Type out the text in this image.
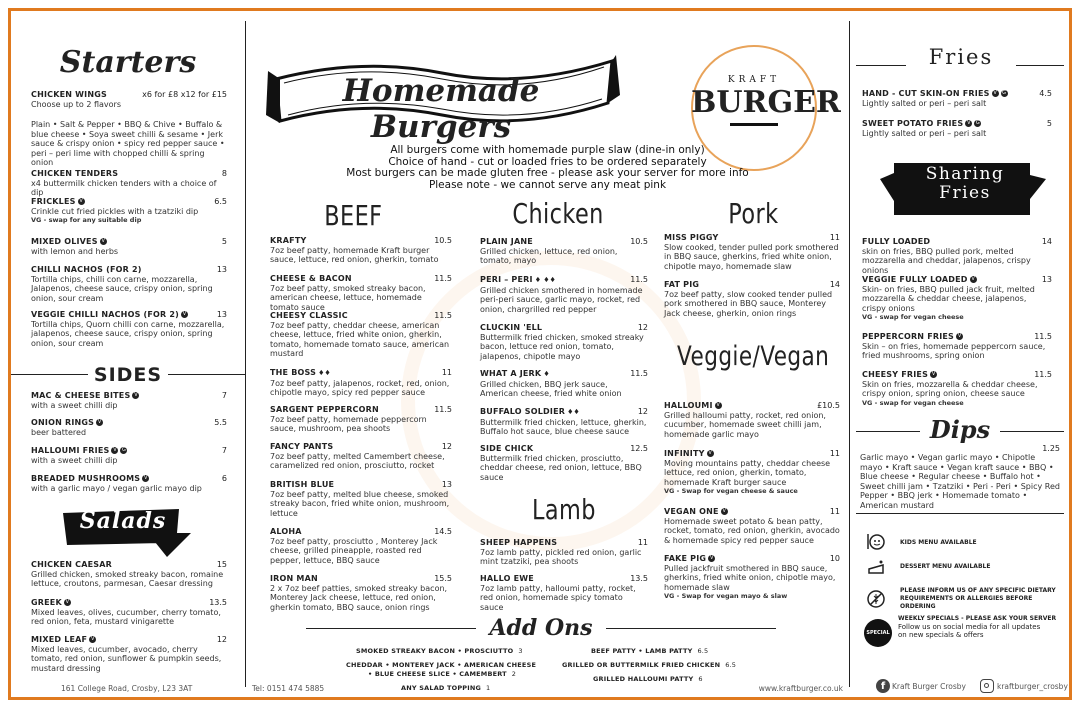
Starters
CHICKEN WINGS	x6 for £8 x12 for £15
Choose up to 2 flavors
Plain • Salt & Pepper • BBQ & Chive • Buffalo & blue cheese • Soya sweet chilli & sesame • Jerk sauce & crispy onion • spicy red pepper sauce • peri – peri lime with chopped chilli & spring onion
CHICKEN TENDERS	8
x4 buttermilk chicken tenders with a choice of dip
FRICKLES V	6.5
Crinkle cut fried pickles with a tzatziki dip
VG - swap for any suitable dip
MIXED OLIVES V	5
with lemon and herbs
CHILLI NACHOS (FOR 2)	13
Tortilla chips, chilli con carne, mozzarella, Jalapenos, cheese sauce, crispy onion, spring onion, sour cream
VEGGIE CHILLI NACHOS (FOR 2) V	13
Tortilla chips, Quorn chilli con carne, mozzarella, jalapenos, cheese sauce, crispy onion, spring onion, sour cream
SIDES
MAC & CHEESE BITES V	7
with a sweet chilli dip
ONION RINGS V	5.5
beer battered
HALLOUMI FRIES V G	7
with a sweet chilli dip
BREADED MUSHROOMS V	6
with a garlic mayo / vegan garlic mayo dip
Salads
CHICKEN CAESAR	15
Grilled chicken, smoked streaky bacon, romaine lettuce, croutons, parmesan, Caesar dressing
GREEK V	13.5
Mixed leaves, olives, cucumber, cherry tomato, red onion, feta, mustard vinigarette
MIXED LEAF V	12
Mixed leaves, cucumber, avocado, cherry tomato, red onion, sunflower & pumpkin seeds, mustard dressing
161 College Road, Crosby, L23 3AT
Homemade Burgers
KRAFT
BURGER
All burgers come with homemade purple slaw (dine-in only)
Choice of hand - cut or loaded fries to be ordered separately
Most burgers can be made gluten free - please ask your server for more info
Please note - we cannot serve any meat pink
BEEF
KRAFTY	10.5
7oz beef patty, homemade Kraft burger sauce, lettuce, red onion, gherkin, tomato
CHEESE & BACON	11.5
7oz beef patty, smoked streaky bacon, american cheese, lettuce, homemade tomato sauce
CHEESY CLASSIC	11.5
7oz beef patty, cheddar cheese, american cheese, lettuce, fried white onion, gherkin, tomato, homemade tomato sauce, american mustard
THE BOSS ♦♦	11
7oz beef patty, jalapenos, rocket, red, onion, chipotle mayo, spicy red pepper sauce
SARGENT PEPPERCORN	11.5
7oz beef patty, homemade peppercorn sauce, mushroom, pea shoots
FANCY PANTS	12
7oz beef patty, melted Camembert cheese, caramelized red onion, prosciutto, rocket
BRITISH BLUE	13
7oz beef patty, melted blue cheese, smoked streaky bacon, fried white onion, mushroom, lettuce
ALOHA	14.5
7oz beef patty, prosciutto , Monterey Jack cheese, grilled pineapple, roasted red pepper, lettuce, BBQ sauce
IRON MAN	15.5
2 x 7oz beef patties, smoked streaky bacon, Monterey Jack cheese, lettuce, red onion, gherkin tomato, BBQ sauce, onion rings
Chicken
PLAIN JANE	10.5
Grilled chicken, lettuce, red onion, tomato, mayo
PERI – PERI ♦ ♦♦	11.5
Grilled chicken smothered in homemade peri-peri sauce, garlic mayo, rocket, red onion, chargrilled red pepper
CLUCKIN 'ELL	12
Buttermilk fried chicken, smoked streaky bacon, lettuce red onion, tomato, jalapenos, chipotle mayo
WHAT A JERK ♦	11.5
Grilled chicken, BBQ jerk sauce, American cheese, fried white onion
BUFFALO SOLDIER ♦♦	12
Buttermilk fried chicken, lettuce, gherkin, Buffalo hot sauce, blue cheese sauce
SIDE CHICK	12.5
Buttermilk fried chicken, prosciutto, cheddar cheese, red onion, lettuce, BBQ sauce
Lamb
SHEEP HAPPENS	11
7oz lamb patty, pickled red onion, garlic mint tzatziki, pea shoots
HALLO EWE	13.5
7oz lamb patty, halloumi patty, rocket, red onion, homemade spicy tomato sauce
Pork
MISS PIGGY	11
Slow cooked, tender pulled pork smothered in BBQ sauce, gherkins, fried white onion, chipotle mayo, homemade slaw
FAT PIG	14
7oz beef patty, slow cooked tender pulled pork smothered in BBQ sauce, Monterey Jack cheese, gherkin, onion rings
Veggie/Vegan
HALLOUMI V	£10.5
Grilled halloumi patty, rocket, red onion, cucumber, homemade sweet chilli jam, homemade garlic mayo
INFINITY V	11
Moving mountains patty, cheddar cheese lettuce, red onion, gherkin, tomato, homemade Kraft burger sauce
VG - Swap for vegan cheese & sauce
VEGAN ONE V	11
Homemade sweet potato & bean patty, rocket, tomato, red onion, gherkin, avocado & homemade spicy red pepper sauce
FAKE PIG V	10
Pulled jackfruit smothered in BBQ sauce, gherkins, fried white onion, chipotle mayo, homemade slaw
VG - Swap for vegan mayo & slaw
Add Ons
SMOKED STREAKY BACON • PROSCIUTTO 3
CHEDDAR • MONTEREY JACK • AMERICAN CHEESE
• BLUE CHEESE SLICE • CAMEMBERT 2
ANY SALAD TOPPING 1
BEEF PATTY • LAMB PATTY 6.5
GRILLED OR BUTTERMILK FRIED CHICKEN 6.5
GRILLED HALLOUMI PATTY 6
Tel: 0151 474 5885	www.kraftburger.co.uk
Fries
HAND - CUT SKIN-ON FRIES V G	4.5
Lightly salted or peri – peri salt
SWEET POTATO FRIES V G	5
Lightly salted or peri – peri salt
Sharing
Fries
FULLY LOADED	14
skin on fries, BBQ pulled pork, melted mozzarella and cheddar, jalapenos, crispy onions
VEGGIE FULLY LOADED V	13
Skin- on fries, BBQ pulled jack fruit, melted mozzarella & cheddar cheese, jalapenos, crispy onions
VG - swap for vegan cheese
PEPPERCORN FRIES V	11.5
Skin – on fries, homemade peppercorn sauce, fried mushrooms, spring onion
CHEESY FRIES V	11.5
Skin on fries, mozzarella & cheddar cheese, crispy onion, spring onion, cheese sauce
VG - swap for vegan cheese
Dips
1.25
Garlic mayo • Vegan garlic mayo • Chipotle mayo • Kraft sauce • Vegan kraft sauce • BBQ • Blue cheese • Regular cheese • Buffalo hot • Sweet chilli jam • Tzatziki • Peri - Peri • Spicy Red Pepper • BBQ jerk • Homemade tomato • American mustard
KIDS MENU AVAILABLE
DESSERT MENU AVAILABLE
PLEASE INFORM US OF ANY SPECIFIC DIETARY REQUIREMENTS OR ALLERGIES BEFORE ORDERING
SPECIAL
WEEKLY SPECIALS - PLEASE ASK YOUR SERVER
Follow us on social media for all updates
on new specials & offers
f Kraft Burger Crosby	kraftburger_crosby
